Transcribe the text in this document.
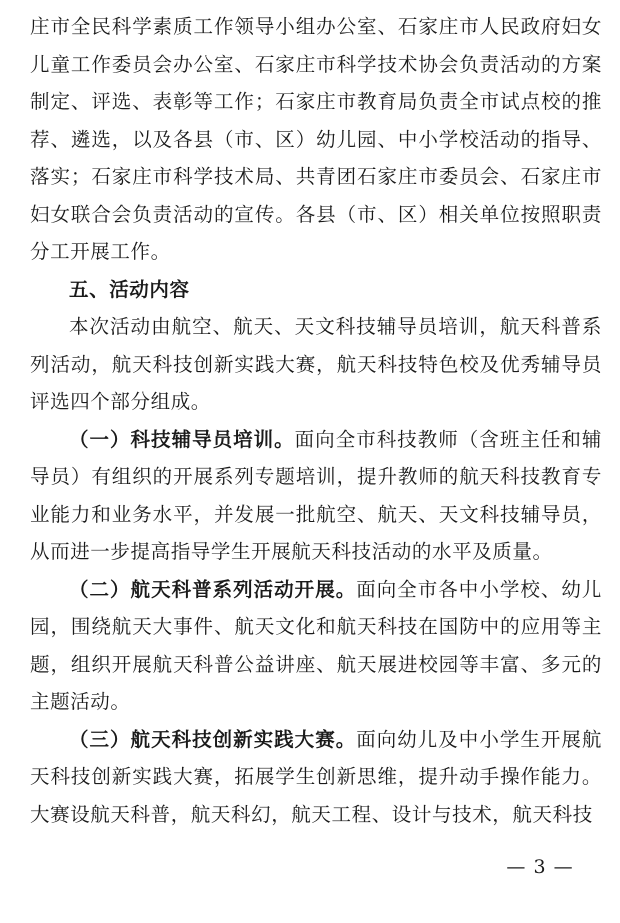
庄市全民科学素质工作领导小组办公室、石家庄市人民政府妇女儿童工作委员会办公室、石家庄市科学技术协会负责活动的方案制定、评选、表彰等工作；石家庄市教育局负责全市试点校的推荐、遴选，以及各县（市、区）幼儿园、中小学校活动的指导、落实；石家庄市科学技术局、共青团石家庄市委员会、石家庄市妇女联合会负责活动的宣传。各县（市、区）相关单位按照职责分工开展工作。

五、活动内容

本次活动由航空、航天、天文科技辅导员培训，航天科普系列活动，航天科技创新实践大赛，航天科技特色校及优秀辅导员评选四个部分组成。

（一）科技辅导员培训。面向全市科技教师（含班主任和辅导员）有组织的开展系列专题培训，提升教师的航天科技教育专业能力和业务水平，并发展一批航空、航天、天文科技辅导员，从而进一步提高指导学生开展航天科技活动的水平及质量。

（二）航天科普系列活动开展。面向全市各中小学校、幼儿园，围绕航天大事件、航天文化和航天科技在国防中的应用等主题，组织开展航天科普公益讲座、航天展进校园等丰富、多元的主题活动。

（三）航天科技创新实践大赛。面向幼儿及中小学生开展航天科技创新实践大赛，拓展学生创新思维，提升动手操作能力。大赛设航天科普，航天科幻，航天工程、设计与技术，航天科技

— 3 —
